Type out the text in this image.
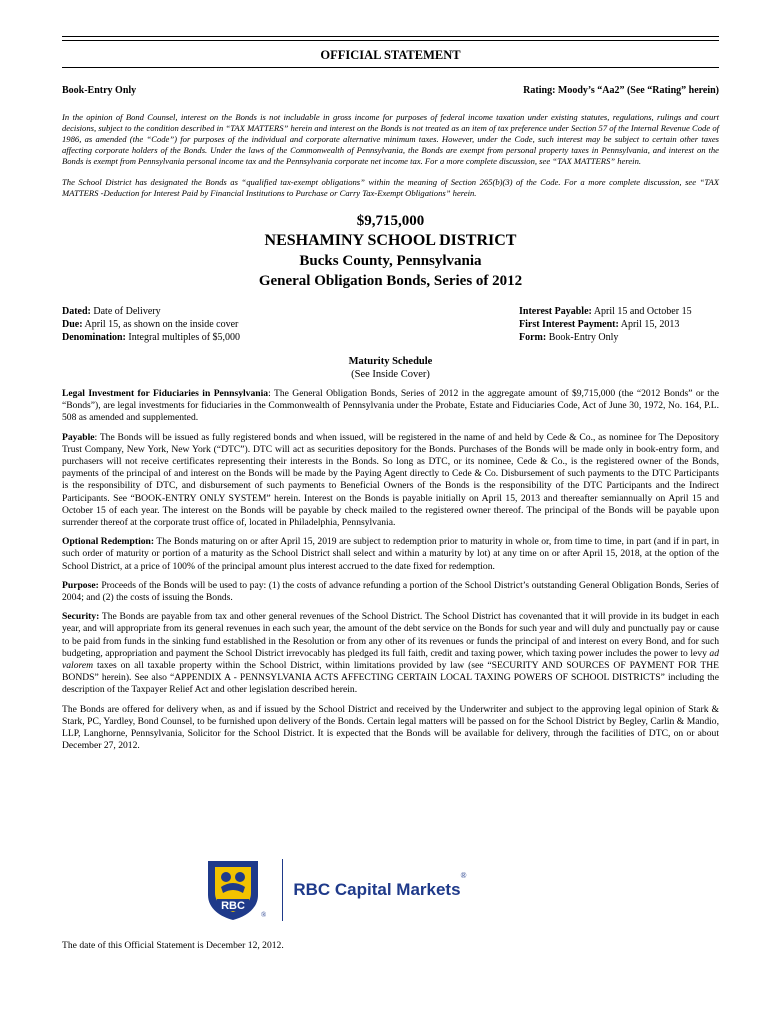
OFFICIAL STATEMENT
Book-Entry Only	Rating: Moody’s “Aa2” (See “Rating” herein)

In the opinion of Bond Counsel, interest on the Bonds is not includable in gross income for purposes of federal income taxation under existing statutes, regulations, rulings and court decisions, subject to the condition described in “TAX MATTERS” herein and interest on the Bonds is not treated as an item of tax preference under Section 57 of the Internal Revenue Code of 1986, as amended (the “Code”) for purposes of the individual and corporate alternative minimum taxes. However, under the Code, such interest may be subject to certain other taxes affecting corporate holders of the Bonds. Under the laws of the Commonwealth of Pennsylvania, the Bonds are exempt from personal property taxes in Pennsylvania, and interest on the Bonds is exempt from Pennsylvania personal income tax and the Pennsylvania corporate net income tax. For a more complete discussion, see “TAX MATTERS” herein.

The School District has designated the Bonds as “qualified tax-exempt obligations” within the meaning of Section 265(b)(3) of the Code. For a more complete discussion, see “TAX MATTERS -Deduction for Interest Paid by Financial Institutions to Purchase or Carry Tax-Exempt Obligations” herein.

$9,715,000
NESHAMINY SCHOOL DISTRICT
Bucks County, Pennsylvania
General Obligation Bonds, Series of 2012
Dated: Date of Delivery
Due: April 15, as shown on the inside cover
Denomination: Integral multiples of $5,000
Interest Payable: April 15 and October 15
First Interest Payment: April 15, 2013
Form: Book-Entry Only
Maturity Schedule
(See Inside Cover)

Legal Investment for Fiduciaries in Pennsylvania: The General Obligation Bonds, Series of 2012 in the aggregate amount of $9,715,000 (the “2012 Bonds” or the “Bonds”), are legal investments for fiduciaries in the Commonwealth of Pennsylvania under the Probate, Estate and Fiduciaries Code, Act of June 30, 1972, No. 164, P.L. 508 as amended and supplemented.

Payable: The Bonds will be issued as fully registered bonds and when issued, will be registered in the name of and held by Cede & Co., as nominee for The Depository Trust Company, New York, New York (“DTC”). DTC will act as securities depository for the Bonds. Purchases of the Bonds will be made only in book-entry form, and purchasers will not receive certificates representing their interests in the Bonds. So long as DTC, or its nominee, Cede & Co., is the registered owner of the Bonds, payments of the principal of and interest on the Bonds will be made by the Paying Agent directly to Cede & Co. Disbursement of such payments to the DTC Participants is the responsibility of DTC, and disbursement of such payments to Beneficial Owners of the Bonds is the responsibility of the DTC Participants and the Indirect Participants. See “BOOK-ENTRY ONLY SYSTEM” herein. Interest on the Bonds is payable initially on April 15, 2013 and thereafter semiannually on April 15 and October 15 of each year. The interest on the Bonds will be payable by check mailed to the registered owner thereof. The principal of the Bonds will be payable upon surrender thereof at the corporate trust office of, located in Philadelphia, Pennsylvania.

Optional Redemption: The Bonds maturing on or after April 15, 2019 are subject to redemption prior to maturity in whole or, from time to time, in part (and if in part, in such order of maturity or portion of a maturity as the School District shall select and within a maturity by lot) at any time on or after April 15, 2018, at the option of the School District, at a price of 100% of the principal amount plus interest accrued to the date fixed for redemption.

Purpose: Proceeds of the Bonds will be used to pay: (1) the costs of advance refunding a portion of the School District’s outstanding General Obligation Bonds, Series of 2004; and (2) the costs of issuing the Bonds.

Security: The Bonds are payable from tax and other general revenues of the School District. The School District has covenanted that it will provide in its budget in each year, and will appropriate from its general revenues in each such year, the amount of the debt service on the Bonds for such year and will duly and punctually pay or cause to be paid from funds in the sinking fund established in the Resolution or from any other of its revenues or funds the principal of and interest on every Bond, and for such budgeting, appropriation and payment the School District irrevocably has pledged its full faith, credit and taxing power, which taxing power includes the power to levy ad valorem taxes on all taxable property within the School District, within limitations provided by law (see “SECURITY AND SOURCES OF PAYMENT FOR THE BONDS” herein). See also “APPENDIX A - PENNSYLVANIA ACTS AFFECTING CERTAIN LOCAL TAXING POWERS OF SCHOOL DISTRICTS” including the description of the Taxpayer Relief Act and other legislation described herein.

The Bonds are offered for delivery when, as and if issued by the School District and received by the Underwriter and subject to the approving legal opinion of Stark & Stark, PC, Yardley, Bond Counsel, to be furnished upon delivery of the Bonds. Certain legal matters will be passed on for the School District by Begley, Carlin & Mandio, LLP, Langhorne, Pennsylvania, Solicitor for the School District. It is expected that the Bonds will be available for delivery, through the facilities of DTC, on or about December 27, 2012.

RBC
®
RBC Capital Markets
®
The date of this Official Statement is December 12, 2012.
